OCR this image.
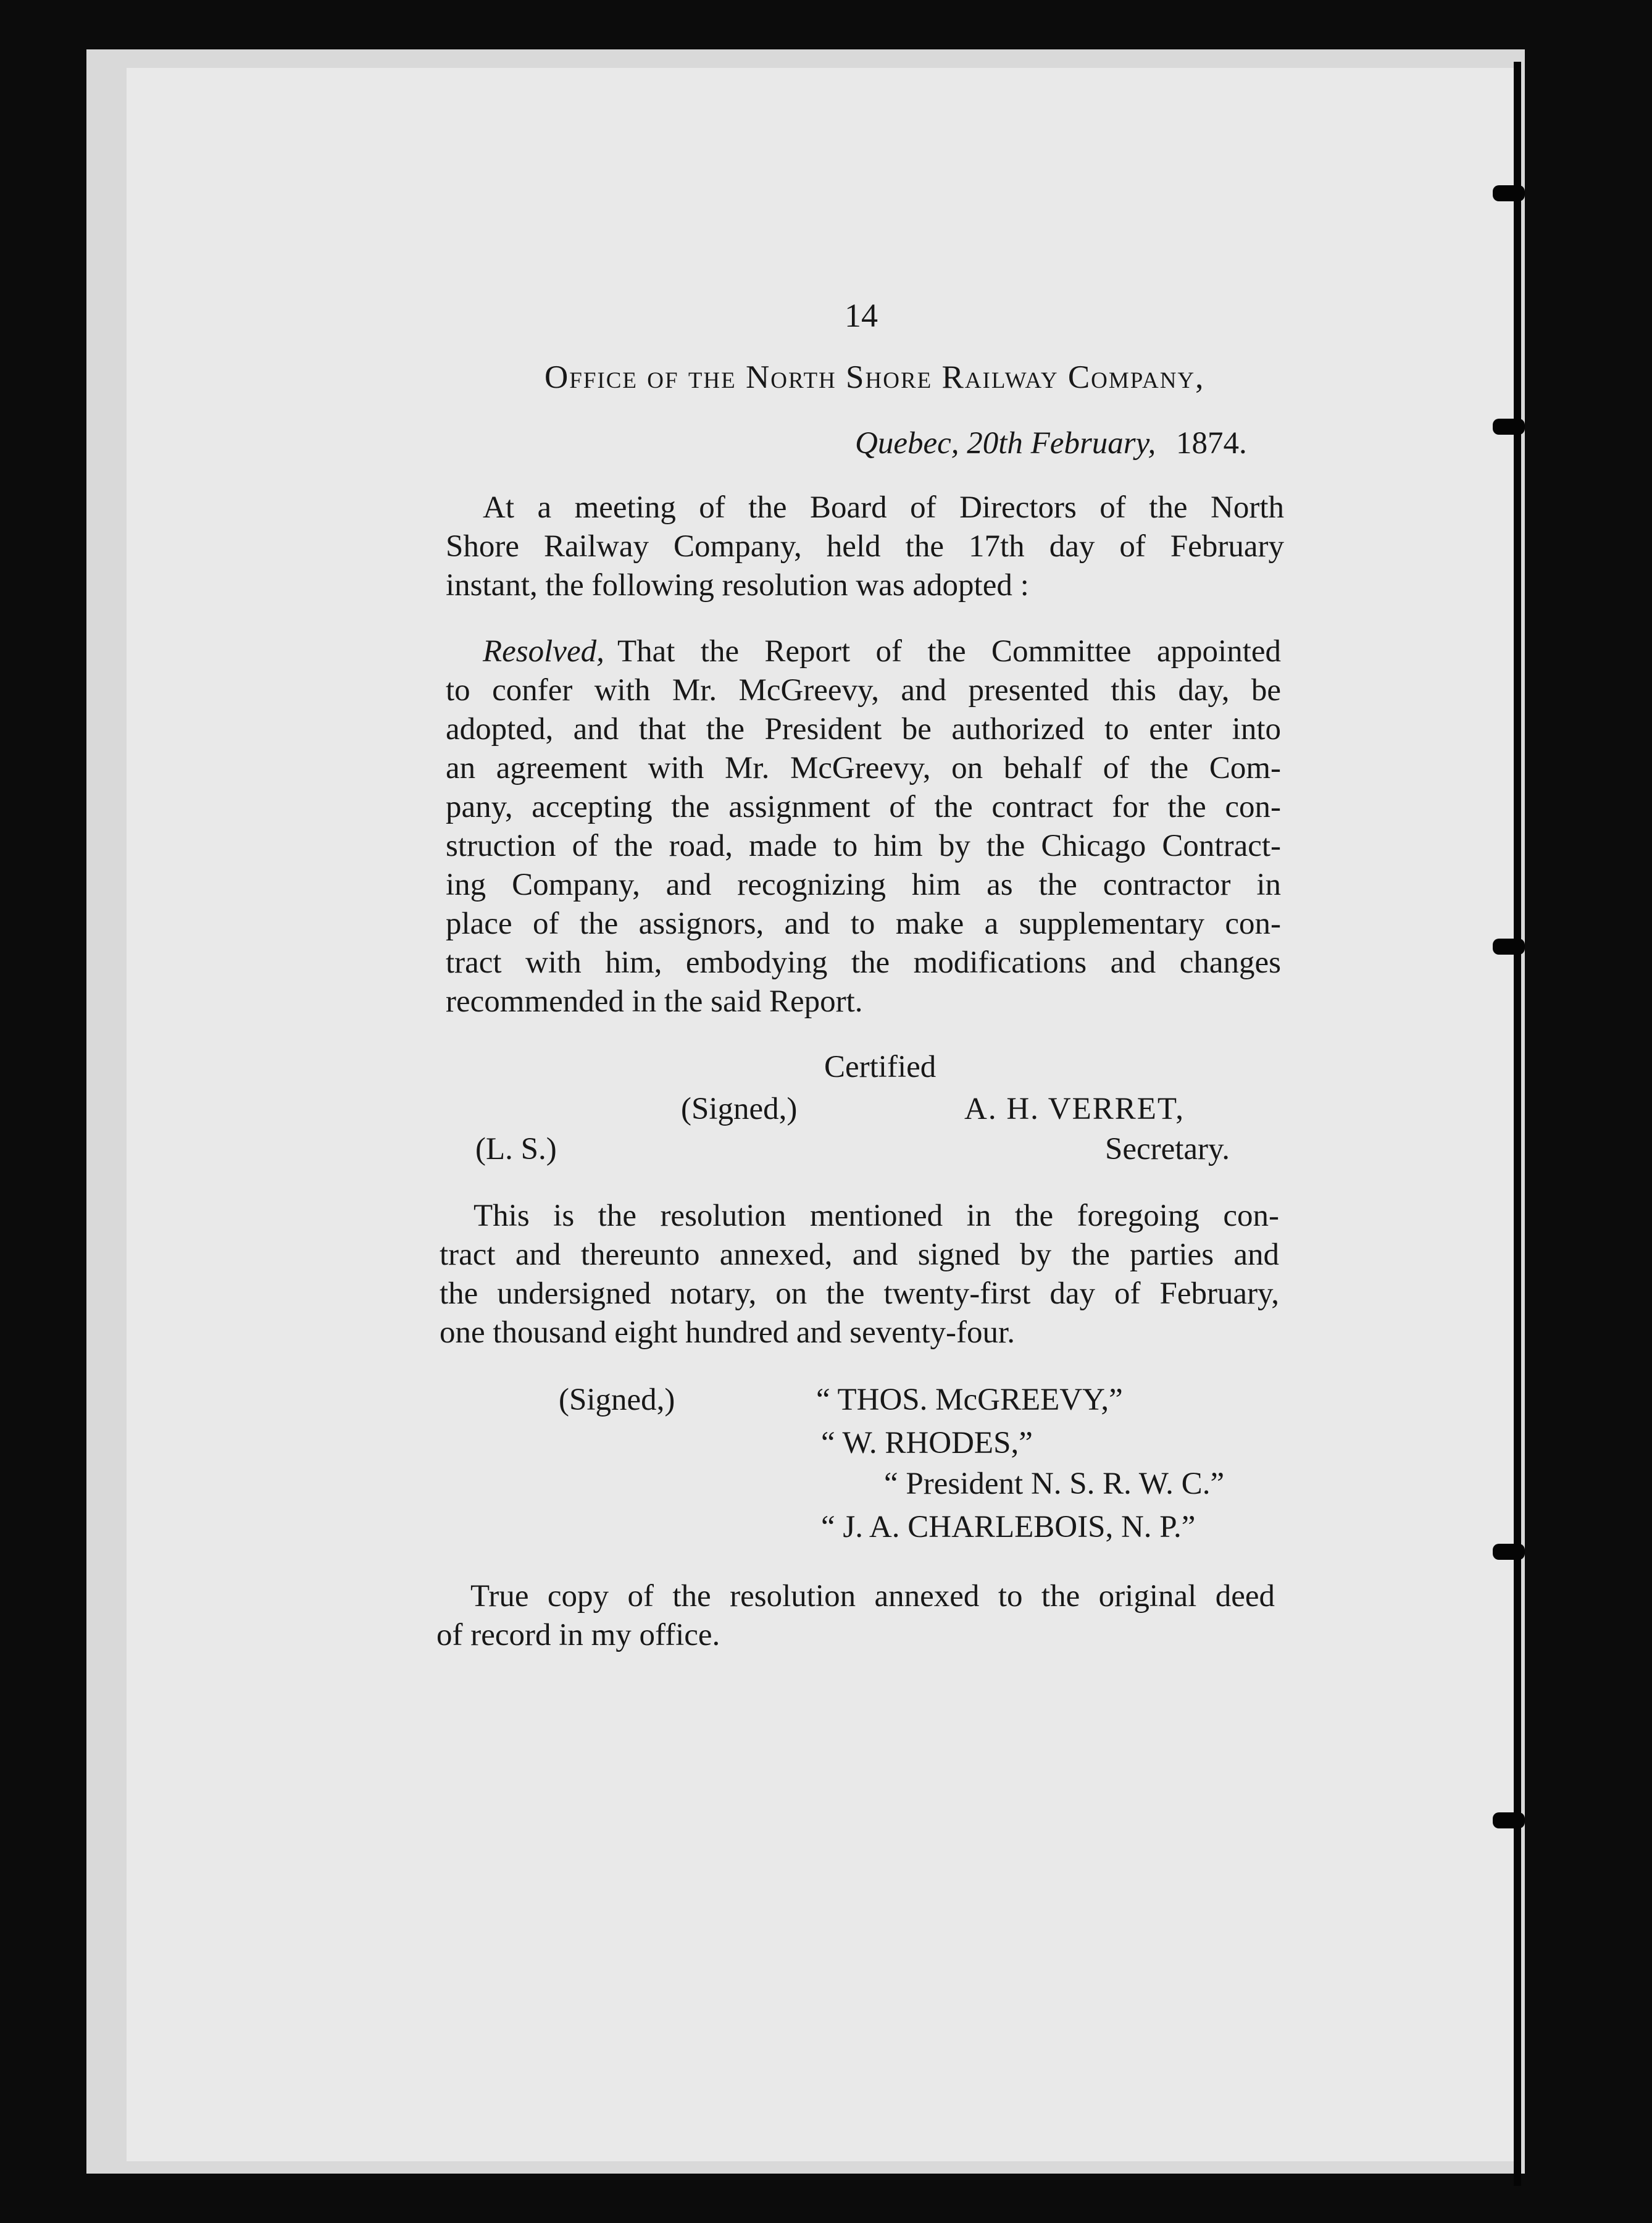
14
Office of the North Shore Railway Company,
Quebec, 20th February, 1874.
At a meeting of the Board of Directors of the North
Shore Railway Company, held the 17th day of February
instant, the following resolution was adopted :
Resolved, That the Report of the Committee appointed
to confer with Mr. McGreevy, and presented this day, be
adopted, and that the President be authorized to enter into
an agreement with Mr. McGreevy, on behalf of the Com-
pany, accepting the assignment of the contract for the con-
struction of the road, made to him by the Chicago Contract-
ing Company, and recognizing him as the contractor in
place of the assignors, and to make a supplementary con-
tract with him, embodying the modifications and changes
recommended in the said Report.
Certified
(Signed,)	A. H. VERRET,
(L. S.)	Secretary.
This is the resolution mentioned in the foregoing con-
tract and thereunto annexed, and signed by the parties and
the undersigned notary, on the twenty-first day of February,
one thousand eight hundred and seventy-four.
(Signed,)	“ THOS. McGREEVY,”
“ W. RHODES,”
“ President N. S. R. W. C.”
“ J. A. CHARLEBOIS, N. P.”
True copy of the resolution annexed to the original deed
of record in my office.
